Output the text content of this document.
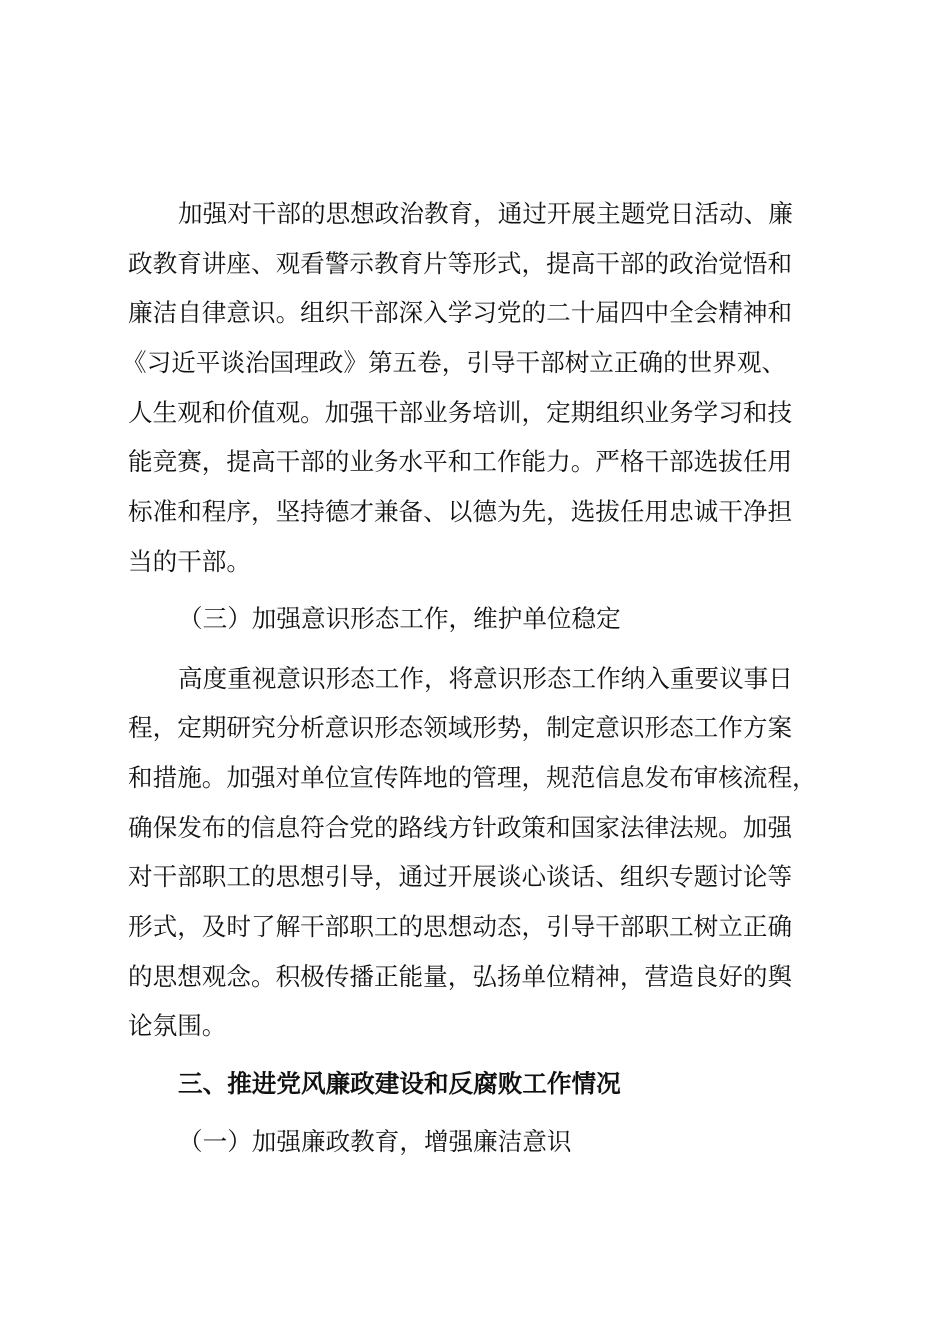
加强对干部的思想政治教育，通过开展主题党日活动、廉
政教育讲座、观看警示教育片等形式，提高干部的政治觉悟和
廉洁自律意识。组织干部深入学习党的二十届四中全会精神和
《习近平谈治国理政》第五卷，引导干部树立正确的世界观、
人生观和价值观。加强干部业务培训，定期组织业务学习和技
能竞赛，提高干部的业务水平和工作能力。严格干部选拔任用
标准和程序，坚持德才兼备、以德为先，选拔任用忠诚干净担
当的干部。
（三）加强意识形态工作，维护单位稳定
高度重视意识形态工作，将意识形态工作纳入重要议事日
程，定期研究分析意识形态领域形势，制定意识形态工作方案
和措施。加强对单位宣传阵地的管理，规范信息发布审核流程，
确保发布的信息符合党的路线方针政策和国家法律法规。加强
对干部职工的思想引导，通过开展谈心谈话、组织专题讨论等
形式，及时了解干部职工的思想动态，引导干部职工树立正确
的思想观念。积极传播正能量，弘扬单位精神，营造良好的舆
论氛围。
三、推进党风廉政建设和反腐败工作情况
（一）加强廉政教育，增强廉洁意识
